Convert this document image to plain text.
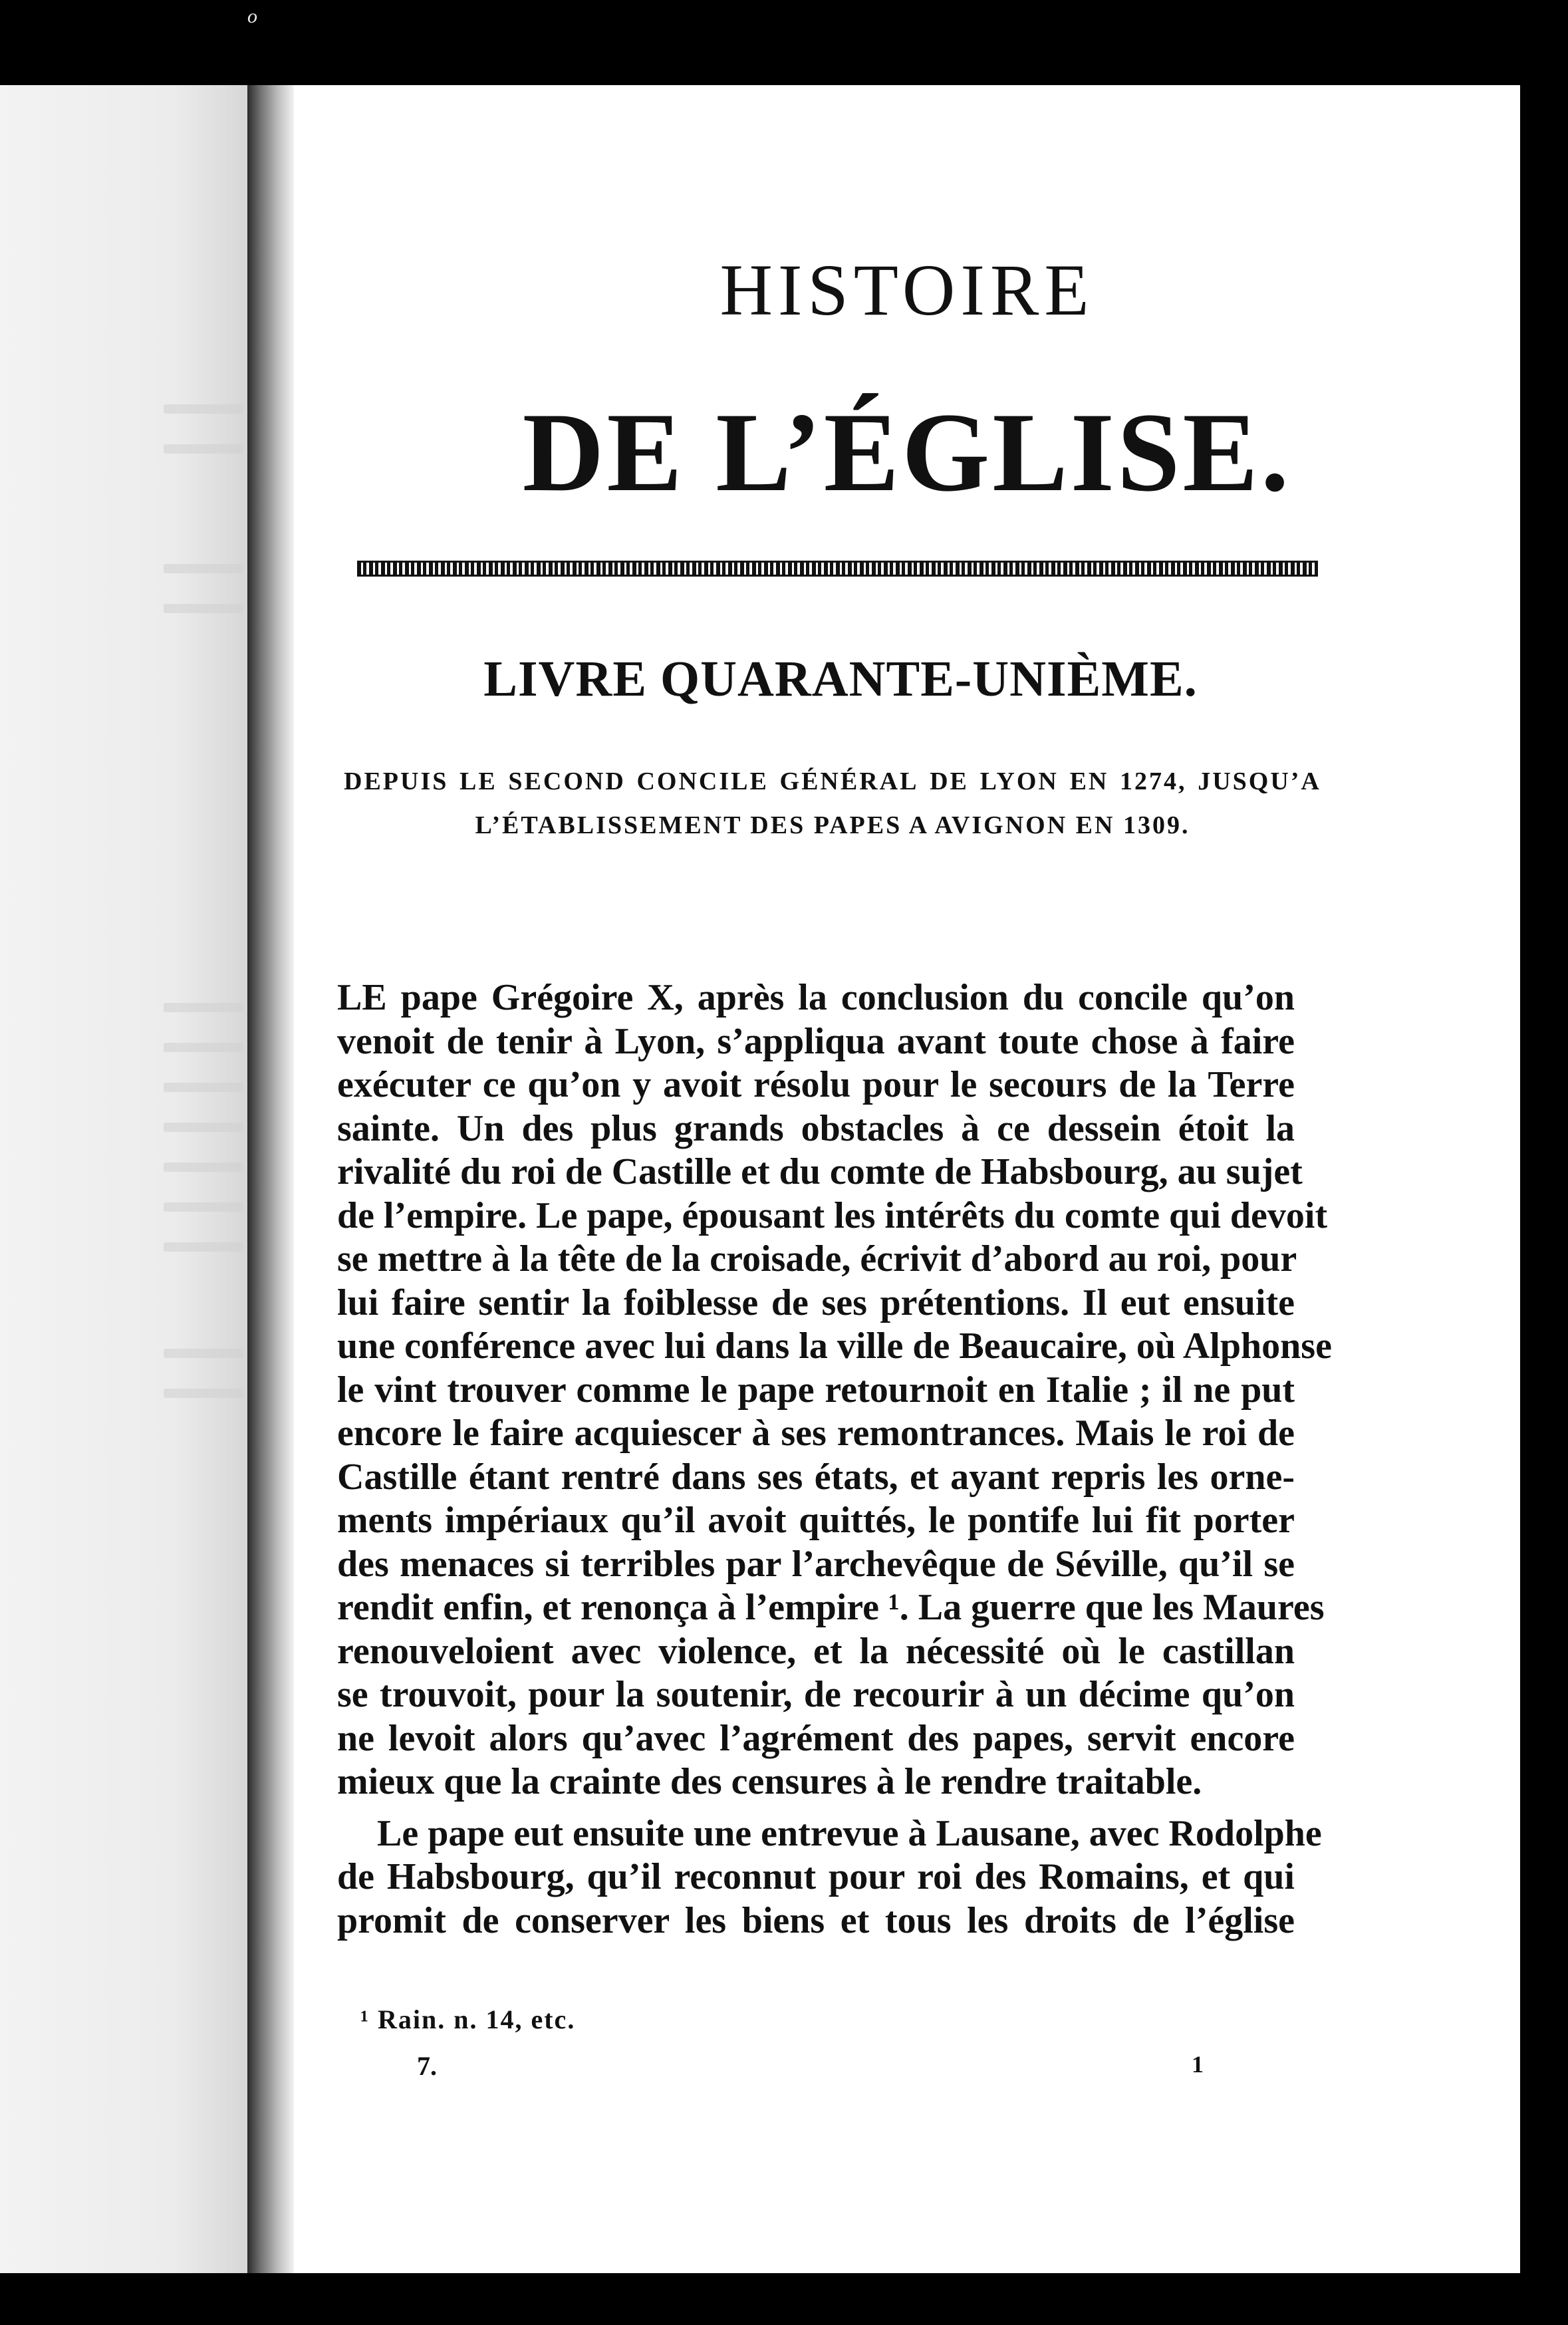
o
HISTOIRE
DE L’ÉGLISE.
LIVRE QUARANTE-UNIÈME.
DEPUIS LE SECOND CONCILE GÉNÉRAL DE LYON EN 1274, JUSQU’A
L’ÉTABLISSEMENT DES PAPES A AVIGNON EN 1309.
LE pape Grégoire X, après la conclusion du concile qu’on
venoit de tenir à Lyon, s’appliqua avant toute chose à faire
exécuter ce qu’on y avoit résolu pour le secours de la Terre
sainte. Un des plus grands obstacles à ce dessein étoit la
rivalité du roi de Castille et du comte de Habsbourg, au sujet
de l’empire. Le pape, épousant les intérêts du comte qui devoit
se mettre à la tête de la croisade, écrivit d’abord au roi, pour
lui faire sentir la foiblesse de ses prétentions. Il eut ensuite
une conférence avec lui dans la ville de Beaucaire, où Alphonse
le vint trouver comme le pape retournoit en Italie ; il ne put
encore le faire acquiescer à ses remontrances. Mais le roi de
Castille étant rentré dans ses états, et ayant repris les orne-
ments impériaux qu’il avoit quittés, le pontife lui fit porter
des menaces si terribles par l’archevêque de Séville, qu’il se
rendit enfin, et renonça à l’empire ¹. La guerre que les Maures
renouveloient avec violence, et la nécessité où le castillan
se trouvoit, pour la soutenir, de recourir à un décime qu’on
ne levoit alors qu’avec l’agrément des papes, servit encore
mieux que la crainte des censures à le rendre traitable.
Le pape eut ensuite une entrevue à Lausane, avec Rodolphe
de Habsbourg, qu’il reconnut pour roi des Romains, et qui
promit de conserver les biens et tous les droits de l’église
¹ Rain. n. 14, etc.
7.	1
